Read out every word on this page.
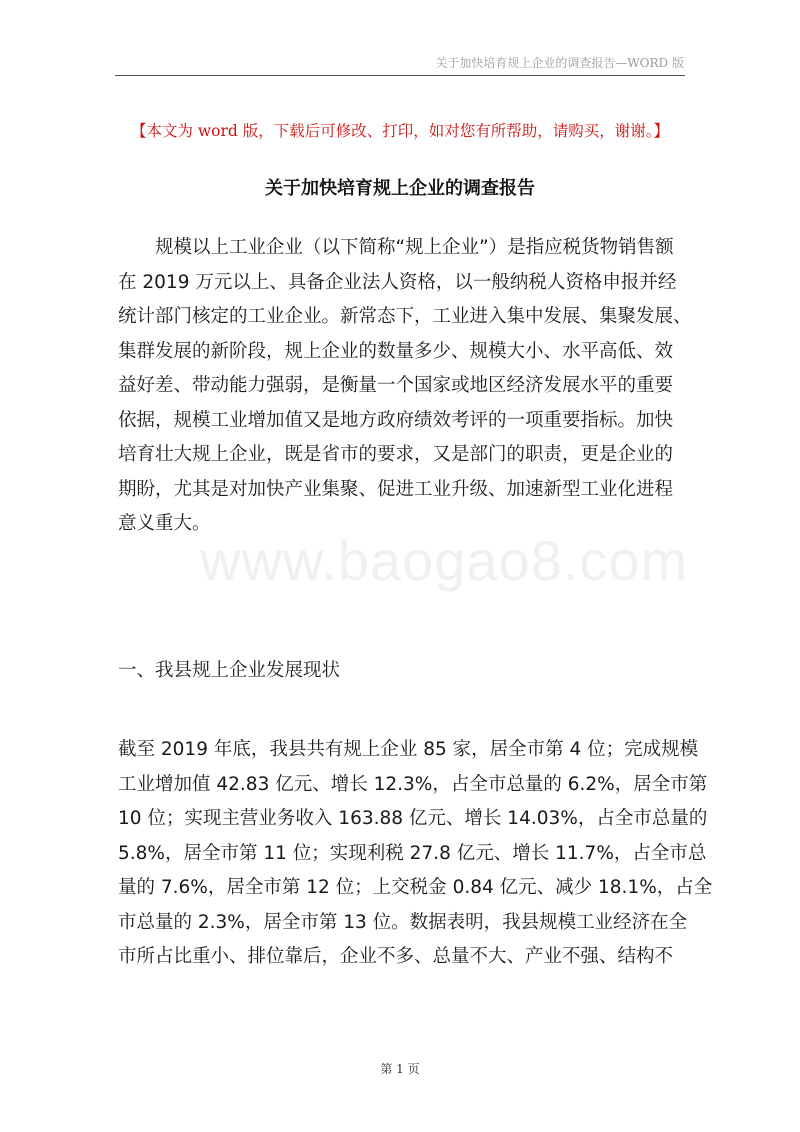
关于加快培育规上企业的调查报告—WORD 版
【本文为 word 版，下载后可修改、打印，如对您有所帮助，请购买，谢谢。】
关于加快培育规上企业的调查报告
规模以上工业企业（以下简称“规上企业”）是指应税货物销售额
在 2019 万元以上、具备企业法人资格，以一般纳税人资格申报并经
统计部门核定的工业企业。新常态下，工业进入集中发展、集聚发展、
集群发展的新阶段，规上企业的数量多少、规模大小、水平高低、效
益好差、带动能力强弱，是衡量一个国家或地区经济发展水平的重要
依据，规模工业增加值又是地方政府绩效考评的一项重要指标。加快
培育壮大规上企业，既是省市的要求，又是部门的职责，更是企业的
期盼，尤其是对加快产业集聚、促进工业升级、加速新型工业化进程
意义重大。
www.baogao8.com
一、我县规上企业发展现状
截至 2019 年底，我县共有规上企业 85 家，居全市第 4 位；完成规模
工业增加值 42.83 亿元、增长 12.3%，占全市总量的 6.2%，居全市第
10 位；实现主营业务收入 163.88 亿元、增长 14.03%，占全市总量的
5.8%，居全市第 11 位；实现利税 27.8 亿元、增长 11.7%，占全市总
量的 7.6%，居全市第 12 位；上交税金 0.84 亿元、减少 18.1%，占全
市总量的 2.3%，居全市第 13 位。数据表明，我县规模工业经济在全
市所占比重小、排位靠后，企业不多、总量不大、产业不强、结构不
第 1 页
